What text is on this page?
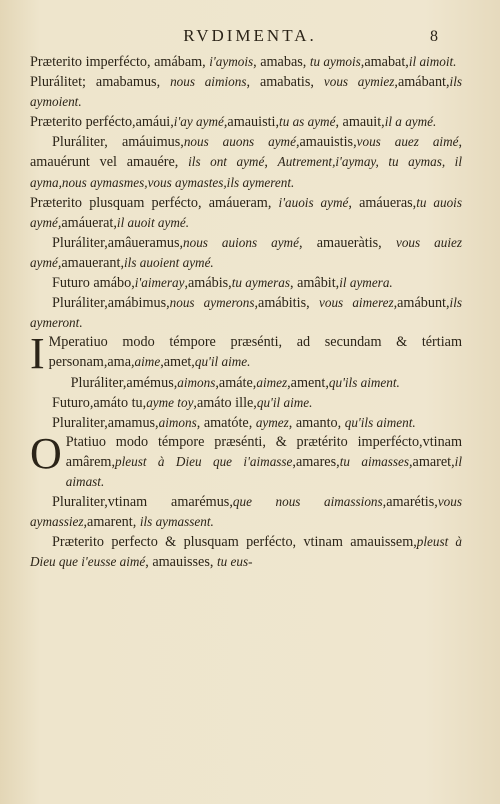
RVDIMENTA.	8

Præterito imperfécto, amábam, i'aymois, amabas, tu aymois,amabat,il aimoit.

Plurálitet; amabamus, nous aimions, amabatis, vous aymiez,amábant,ils aymoient.

Præterito perfécto,amáui,i'ay aymé,amauisti,tu as aymé, amauit,il a aymé.

Pluráliter, amáuimus,nous auons aymé,amauistis,vous auez aimé, amauérunt vel amauére, ils ont aymé, Autrement,i'aymay, tu aymas, il ayma,nous aymasmes,vous aymastes,ils aymerent.

Præterito plusquam perfécto, amáueram, i'auois aymé, amáueras,tu auois aymé,amáuerat,il auoit aymé.

Pluráliter,amâueramus,nous auions aymé, amaueràtis, vous auiez aymé,amauerant,ils auoient aymé.

Futuro amábo,i'aimeray,amábis,tu aymeras, amâbit,il aymera.

Pluráliter,amábimus,nous aymerons,amábitis, vous aimerez,amábunt,ils aymeront.

I Mperatiuo modo témpore præsénti, ad secundam & tértiam personam,ama,aime,amet,qu'il aime.

Pluráliter,amémus,aimons,amáte,aimez,ament,qu'ils aiment.

Futuro,amáto tu,ayme toy,amáto ille,qu'il aime.

Pluraliter,amamus,aimons, amatóte, aymez, amanto, qu'ils aiment.

O Ptatiuo modo témpore præsénti, & prætérito imperfécto,vtinam amârem,pleust à Dieu que i'aimasse,amares,tu aimasses,amaret,il aimast.

Pluraliter,vtinam amarémus,que nous aimassions,amarétis,vous aymassiez,amarent, ils aymassent.

Præterito perfecto & plusquam perfécto, vtinam amauissem,pleust à Dieu que i'eusse aimé, amauisses, tu eus-
